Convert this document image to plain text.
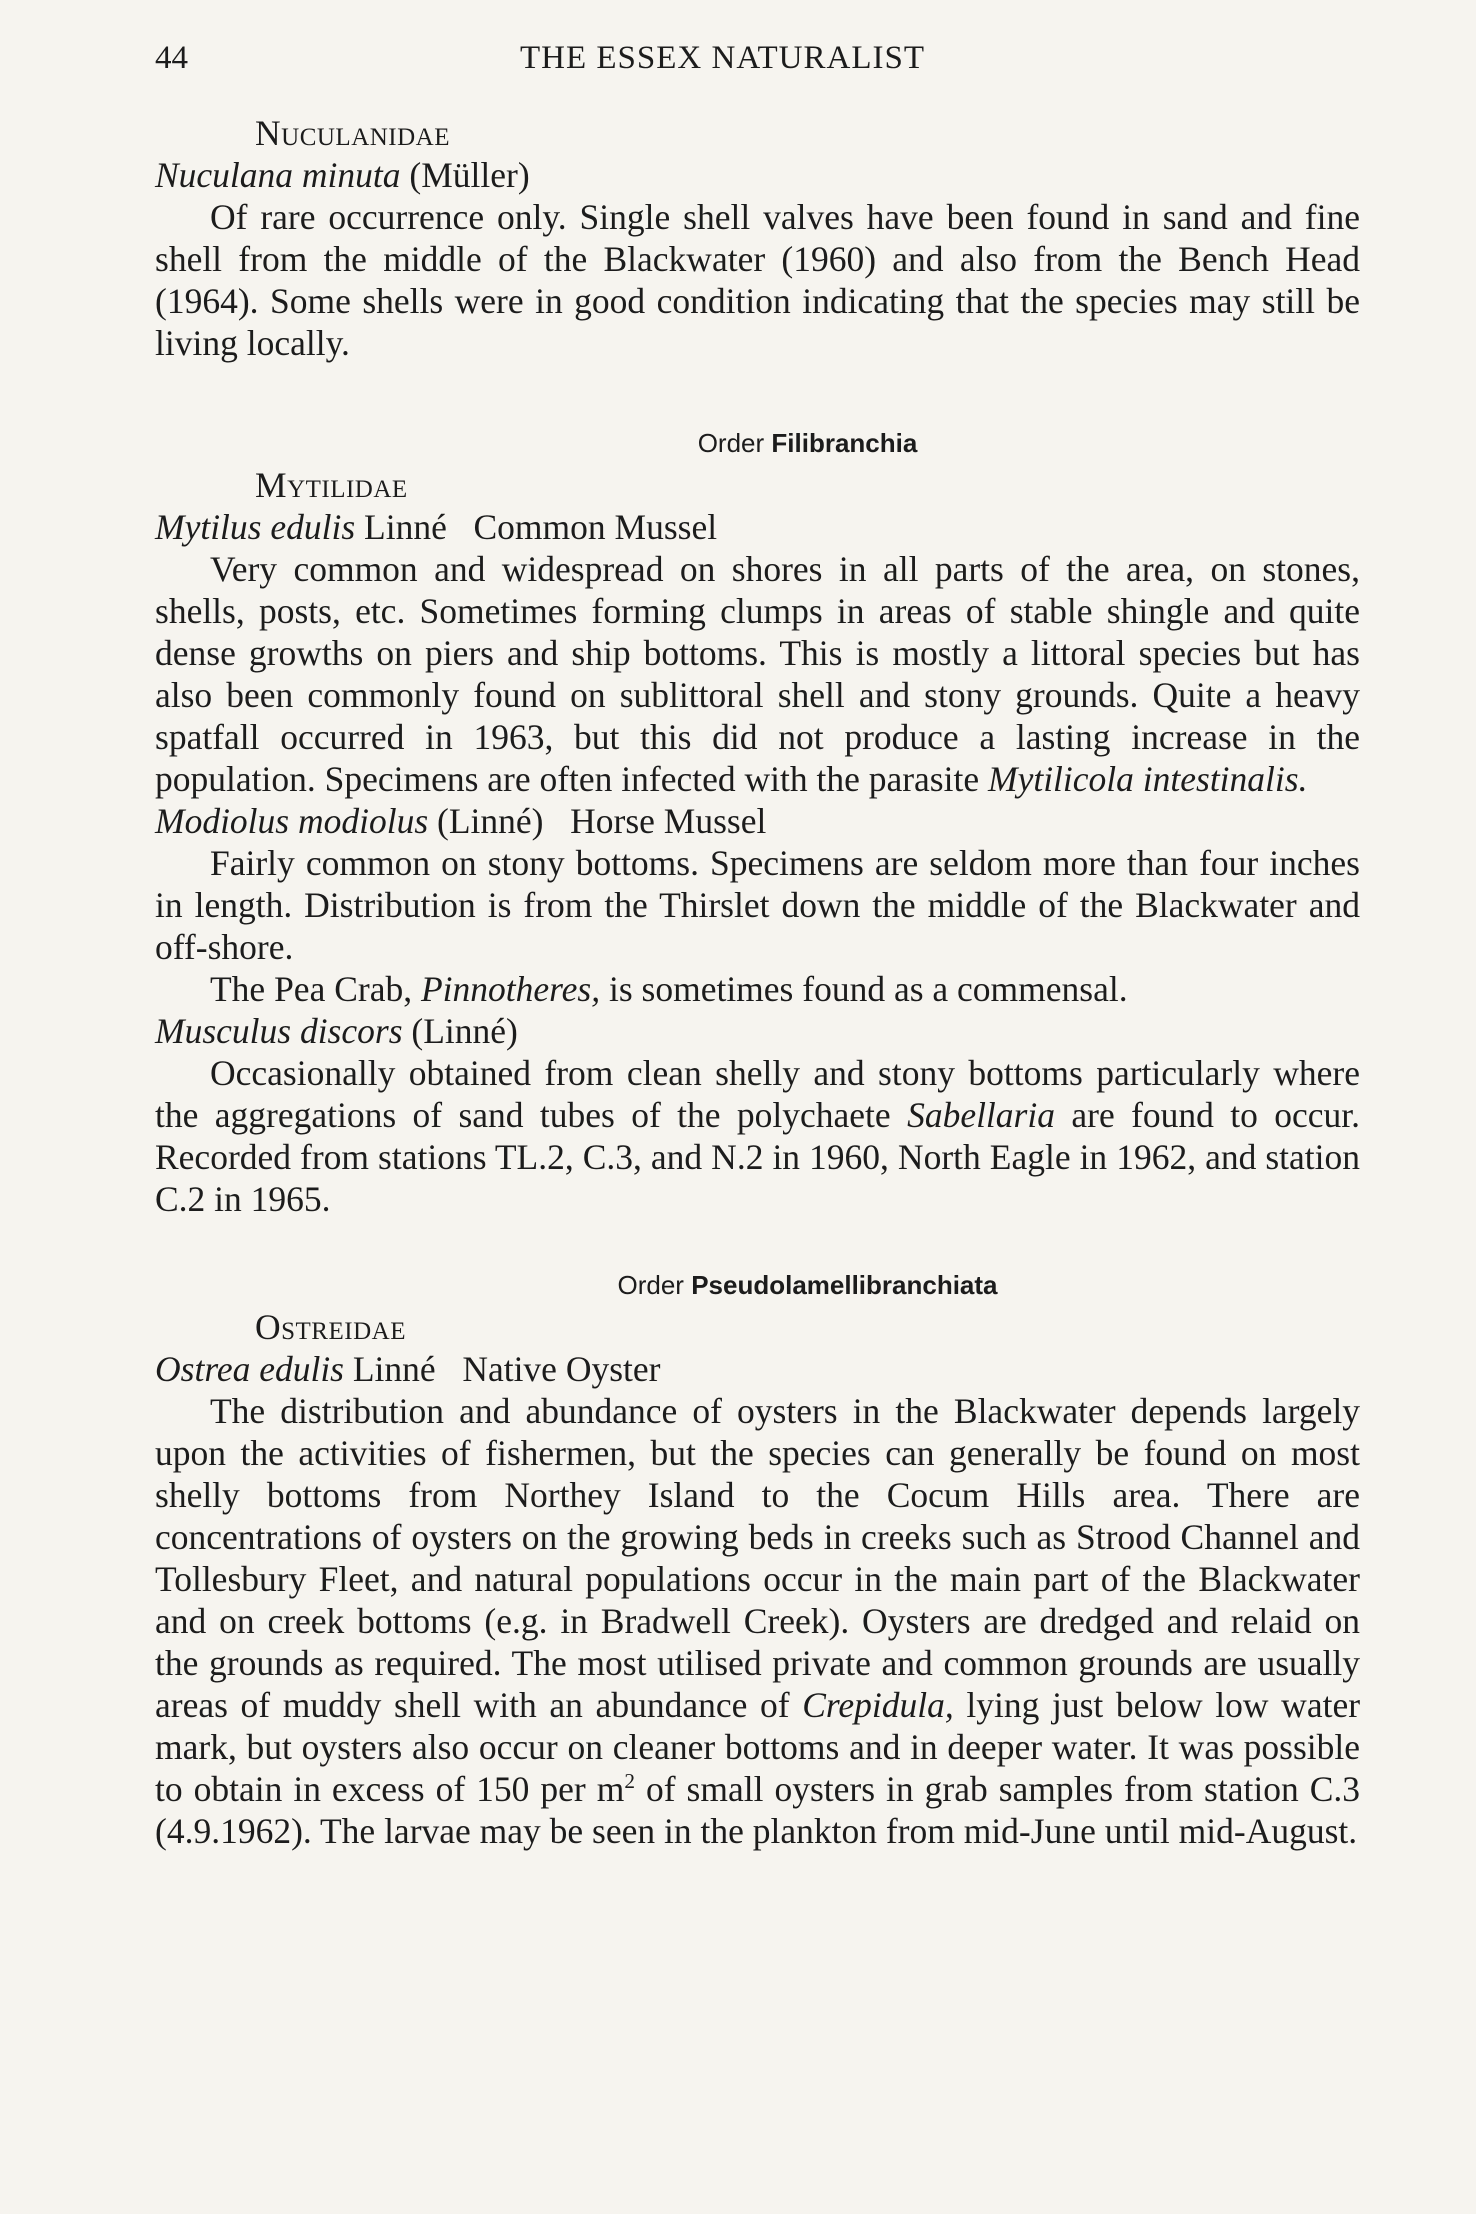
44	THE ESSEX NATURALIST
Nuculanidae
Nuculana minuta (Müller)

Of rare occurrence only. Single shell valves have been found in sand and fine shell from the middle of the Blackwater (1960) and also from the Bench Head (1964). Some shells were in good condition indicating that the species may still be living locally.

Order Filibranchia
Mytilidae
Mytilus edulis Linné Common Mussel

Very common and widespread on shores in all parts of the area, on stones, shells, posts, etc. Sometimes forming clumps in areas of stable shingle and quite dense growths on piers and ship bottoms. This is mostly a littoral species but has also been commonly found on sublittoral shell and stony grounds. Quite a heavy spatfall occurred in 1963, but this did not produce a lasting increase in the population. Specimens are often infected with the parasite Mytilicola intestinalis.

Modiolus modiolus (Linné) Horse Mussel

Fairly common on stony bottoms. Specimens are seldom more than four inches in length. Distribution is from the Thirslet down the middle of the Blackwater and off-shore.

The Pea Crab, Pinnotheres, is sometimes found as a commensal.

Musculus discors (Linné)

Occasionally obtained from clean shelly and stony bottoms particularly where the aggregations of sand tubes of the polychaete Sabellaria are found to occur. Recorded from stations TL.2, C.3, and N.2 in 1960, North Eagle in 1962, and station C.2 in 1965.

Order Pseudolamellibranchiata
Ostreidae
Ostrea edulis Linné Native Oyster

The distribution and abundance of oysters in the Blackwater depends largely upon the activities of fishermen, but the species can generally be found on most shelly bottoms from Northey Island to the Cocum Hills area. There are concentrations of oysters on the growing beds in creeks such as Strood Channel and Tollesbury Fleet, and natural populations occur in the main part of the Blackwater and on creek bottoms (e.g. in Bradwell Creek). Oysters are dredged and relaid on the grounds as required. The most utilised private and common grounds are usually areas of muddy shell with an abundance of Crepidula, lying just below low water mark, but oysters also occur on cleaner bottoms and in deeper water. It was possible to obtain in excess of 150 per $m^2$ of small oysters in grab samples from station C.3 (4.9.1962). The larvae may be seen in the plankton from mid-June until mid-August.
